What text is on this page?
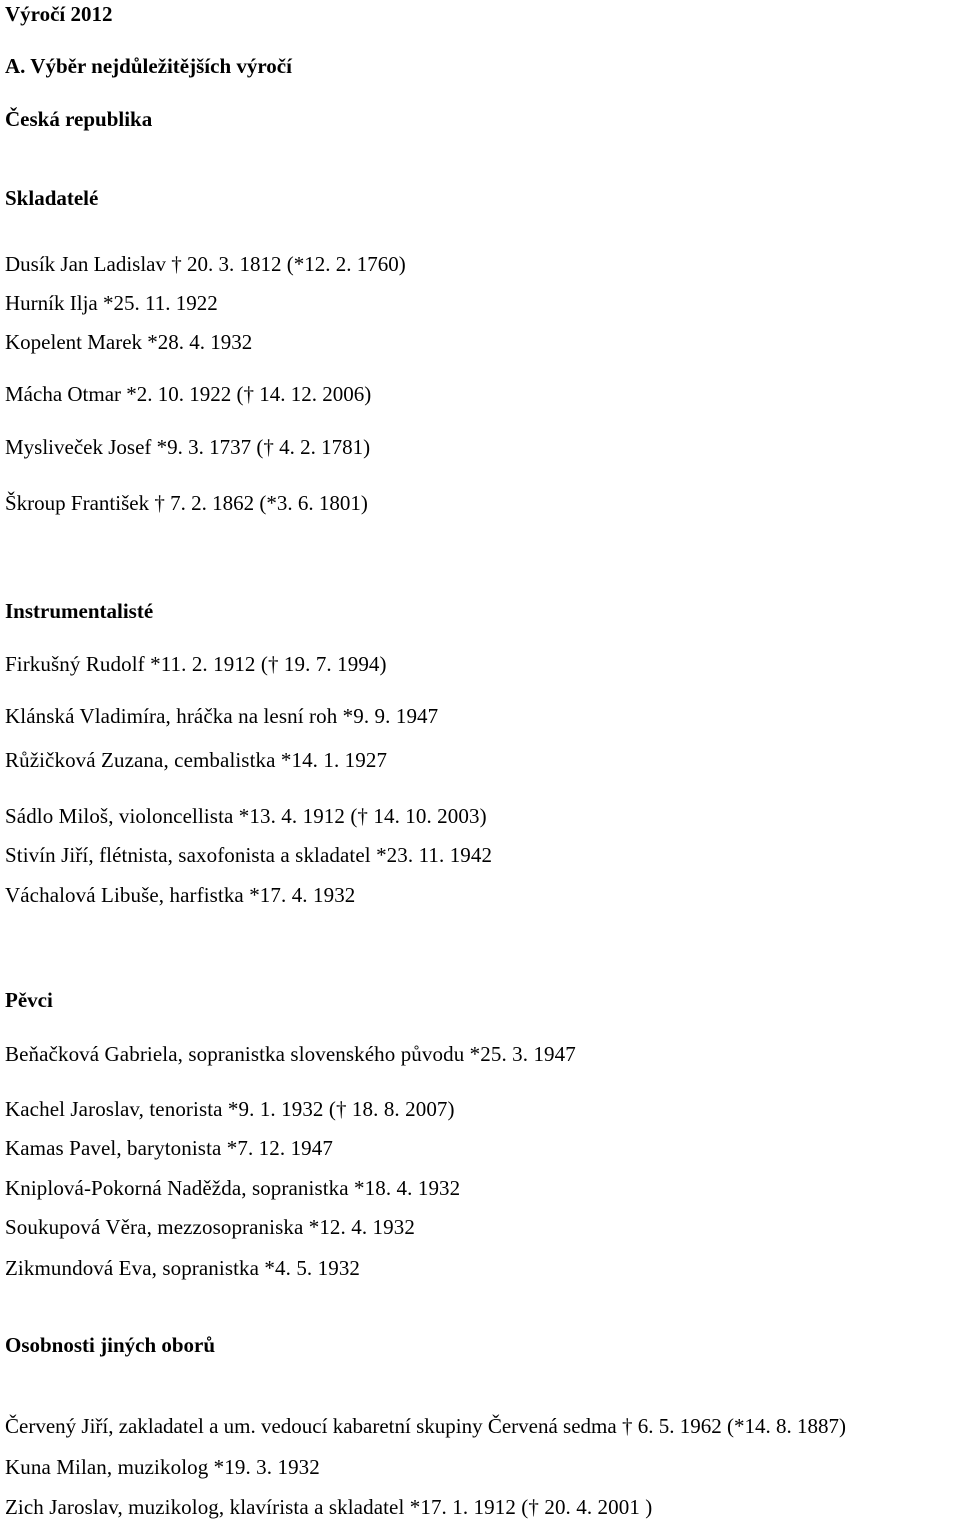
Výročí 2012
A. Výběr nejdůležitějších výročí
Česká republika
Skladatelé
Dusík Jan Ladislav † 20. 3. 1812 (*12. 2. 1760)
Hurník Ilja *25. 11. 1922
Kopelent Marek *28. 4. 1932
Mácha Otmar *2. 10. 1922 († 14. 12. 2006)
Mysliveček Josef *9. 3. 1737 († 4. 2. 1781)
Škroup František † 7. 2. 1862 (*3. 6. 1801)
Instrumentalisté
Firkušný Rudolf *11. 2. 1912 († 19. 7. 1994)
Klánská Vladimíra, hráčka na lesní roh *9. 9. 1947
Růžičková Zuzana, cembalistka *14. 1. 1927
Sádlo Miloš, violoncellista *13. 4. 1912 († 14. 10. 2003)
Stivín Jiří, flétnista, saxofonista a skladatel *23. 11. 1942
Váchalová Libuše, harfistka *17. 4. 1932
Pěvci
Beňačková Gabriela, sopranistka slovenského původu *25. 3. 1947
Kachel Jaroslav, tenorista *9. 1. 1932 († 18. 8. 2007)
Kamas Pavel, barytonista *7. 12. 1947
Kniplová-Pokorná Naděžda, sopranistka *18. 4. 1932
Soukupová Věra, mezzosopraniska *12. 4. 1932
Zikmundová Eva, sopranistka *4. 5. 1932
Osobnosti jiných oborů
Červený Jiří, zakladatel a um. vedoucí kabaretní skupiny Červená sedma † 6. 5. 1962 (*14. 8. 1887)
Kuna Milan, muzikolog *19. 3. 1932
Zich Jaroslav, muzikolog, klavírista a skladatel *17. 1. 1912 († 20. 4. 2001 )
